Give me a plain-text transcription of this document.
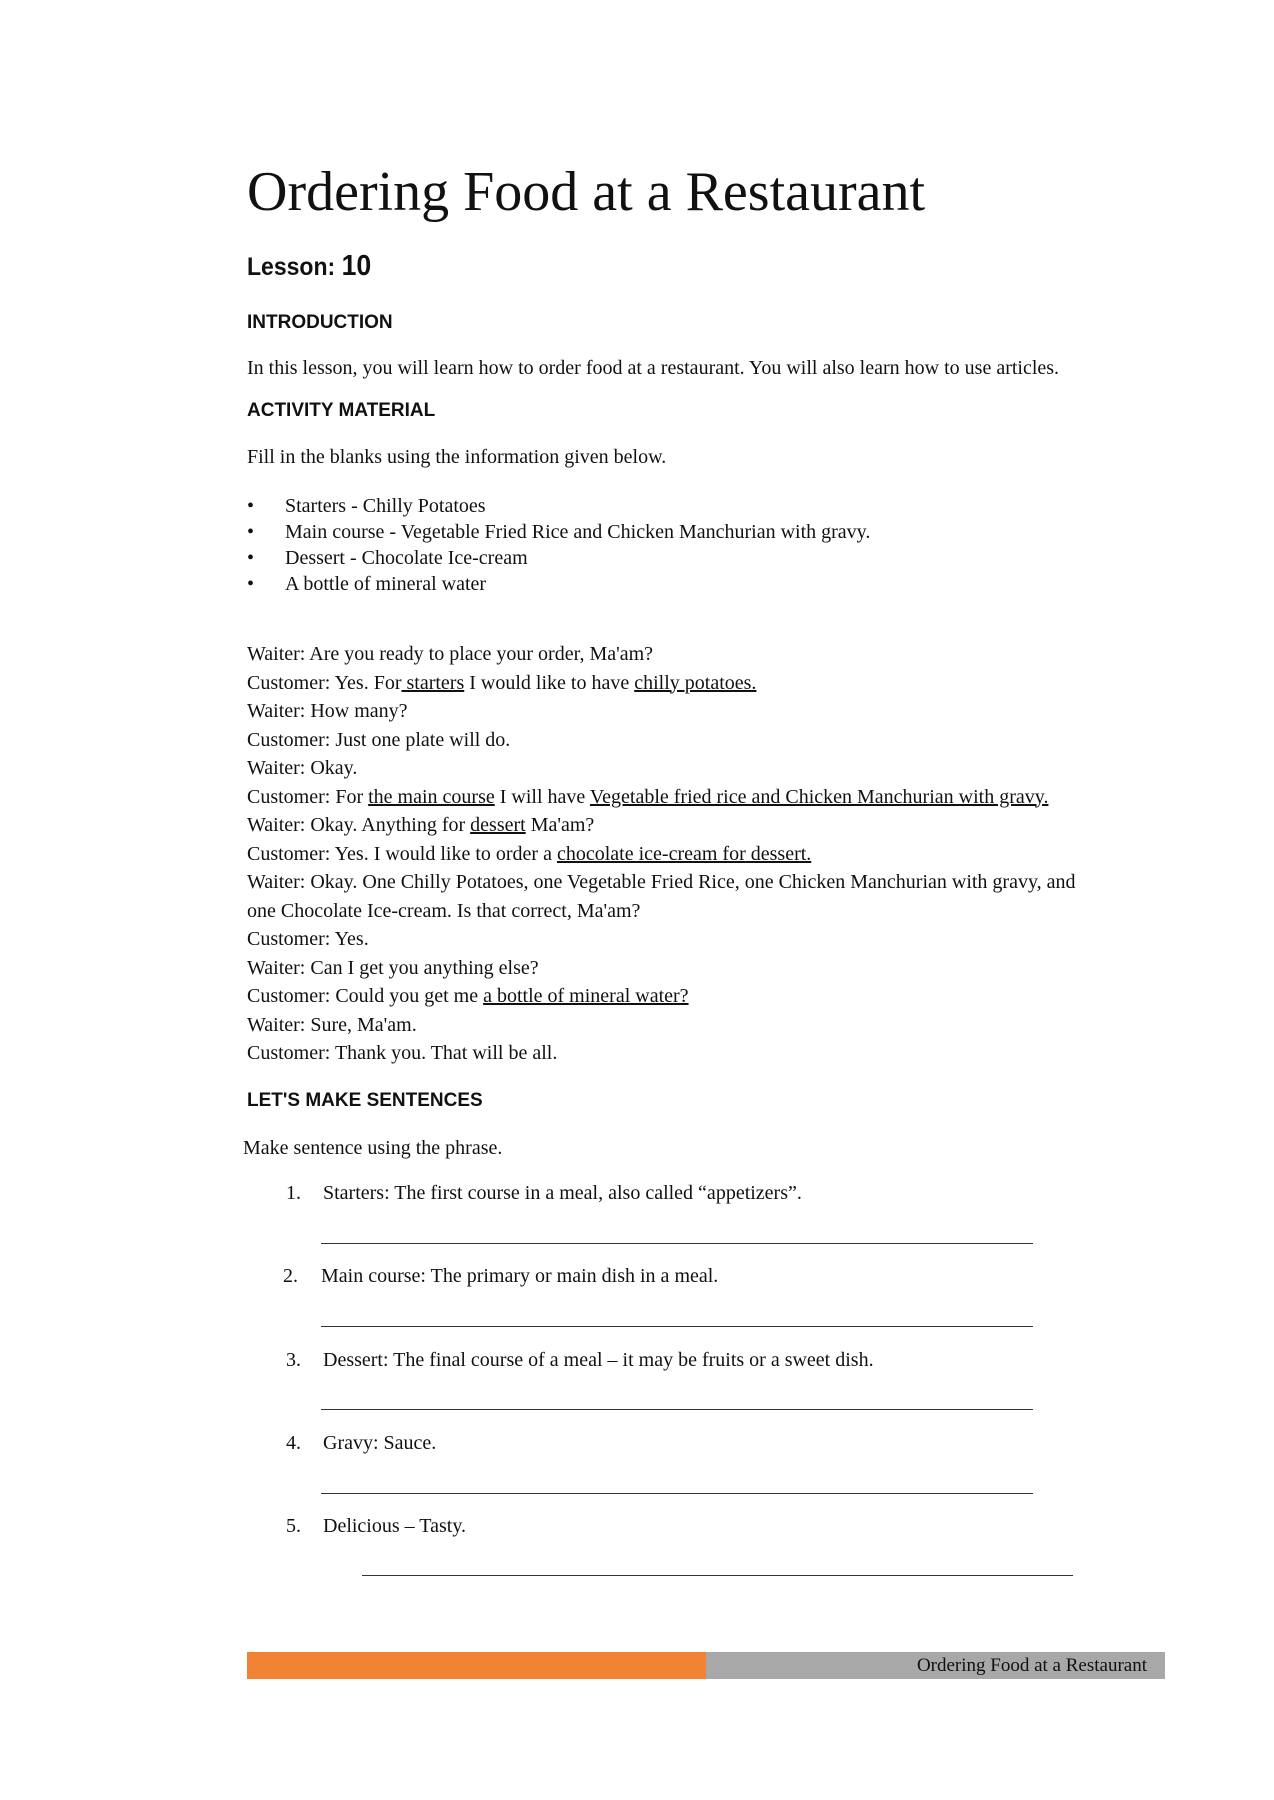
Ordering Food at a Restaurant
Lesson: 10
INTRODUCTION
In this lesson, you will learn how to order food at a restaurant. You will also learn how to use articles.
ACTIVITY MATERIAL
Fill in the blanks using the information given below.
• Starters - Chilly Potatoes
• Main course - Vegetable Fried Rice and Chicken Manchurian with gravy.
• Dessert - Chocolate Ice-cream
• A bottle of mineral water
Waiter: Are you ready to place your order, Ma'am?
Customer: Yes. For starters I would like to have chilly potatoes.
Waiter: How many?
Customer: Just one plate will do.
Waiter: Okay.
Customer: For the main course I will have Vegetable fried rice and Chicken Manchurian with gravy.
Waiter: Okay. Anything for dessert Ma'am?
Customer: Yes. I would like to order a chocolate ice-cream for dessert.
Waiter: Okay. One Chilly Potatoes, one Vegetable Fried Rice, one Chicken Manchurian with gravy, and
one Chocolate Ice-cream. Is that correct, Ma'am?
Customer: Yes.
Waiter: Can I get you anything else?
Customer: Could you get me a bottle of mineral water?
Waiter: Sure, Ma'am.
Customer: Thank you. That will be all.
LET'S MAKE SENTENCES
Make sentence using the phrase.
1. Starters: The first course in a meal, also called “appetizers”.
2. Main course: The primary or main dish in a meal.
3. Dessert: The final course of a meal – it may be fruits or a sweet dish.
4. Gravy: Sauce.
5. Delicious – Tasty.
Ordering Food at a Restaurant
